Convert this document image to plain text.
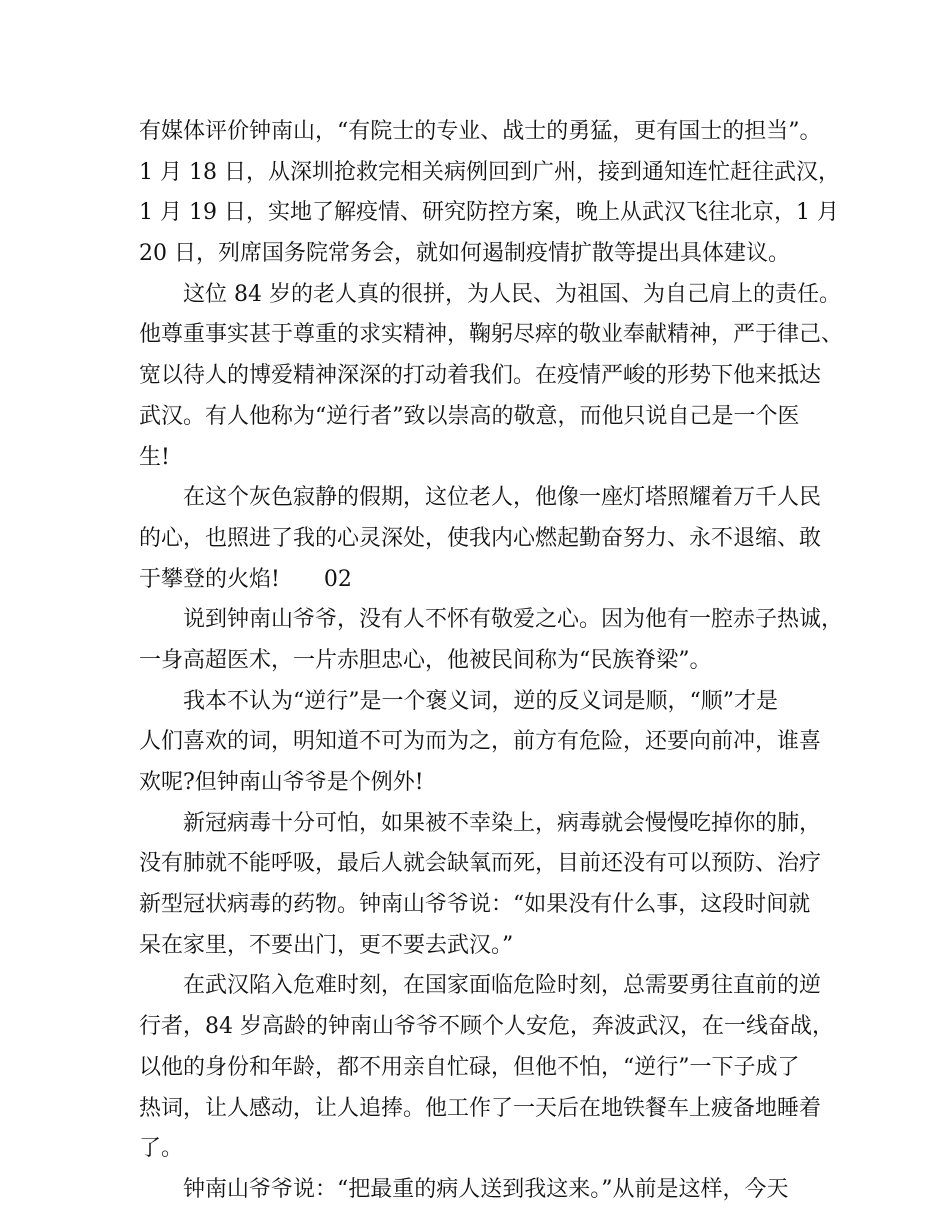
有媒体评价钟南山，“有院士的专业、战士的勇猛，更有国士的担当”。
1 月 18 日，从深圳抢救完相关病例回到广州，接到通知连忙赶往武汉，
1 月 19 日，实地了解疫情、研究防控方案，晚上从武汉飞往北京，1 月
20 日，列席国务院常务会，就如何遏制疫情扩散等提出具体建议。
　　这位 84 岁的老人真的很拼，为人民、为祖国、为自己肩上的责任。
他尊重事实甚于尊重的求实精神，鞠躬尽瘁的敬业奉献精神，严于律己、
宽以待人的博爱精神深深的打动着我们。在疫情严峻的形势下他来抵达
武汉。有人他称为“逆行者”致以崇高的敬意，而他只说自己是一个医
生!
　　在这个灰色寂静的假期，这位老人，他像一座灯塔照耀着万千人民
的心，也照进了我的心灵深处，使我内心燃起勤奋努力、永不退缩、敢
于攀登的火焰!　　02
　　说到钟南山爷爷，没有人不怀有敬爱之心。因为他有一腔赤子热诚，
一身高超医术，一片赤胆忠心，他被民间称为“民族脊梁”。
　　我本不认为“逆行”是一个褒义词，逆的反义词是顺，“顺”才是
人们喜欢的词，明知道不可为而为之，前方有危险，还要向前冲，谁喜
欢呢?但钟南山爷爷是个例外!
　　新冠病毒十分可怕，如果被不幸染上，病毒就会慢慢吃掉你的肺，
没有肺就不能呼吸，最后人就会缺氧而死，目前还没有可以预防、治疗
新型冠状病毒的药物。钟南山爷爷说：“如果没有什么事，这段时间就
呆在家里，不要出门，更不要去武汉。”
　　在武汉陷入危难时刻，在国家面临危险时刻，总需要勇往直前的逆
行者，84 岁高龄的钟南山爷爷不顾个人安危，奔波武汉，在一线奋战，
以他的身份和年龄，都不用亲自忙碌，但他不怕，“逆行”一下子成了
热词，让人感动，让人追捧。他工作了一天后在地铁餐车上疲备地睡着
了。
　　钟南山爷爷说：“把最重的病人送到我这来。”从前是这样，今天
